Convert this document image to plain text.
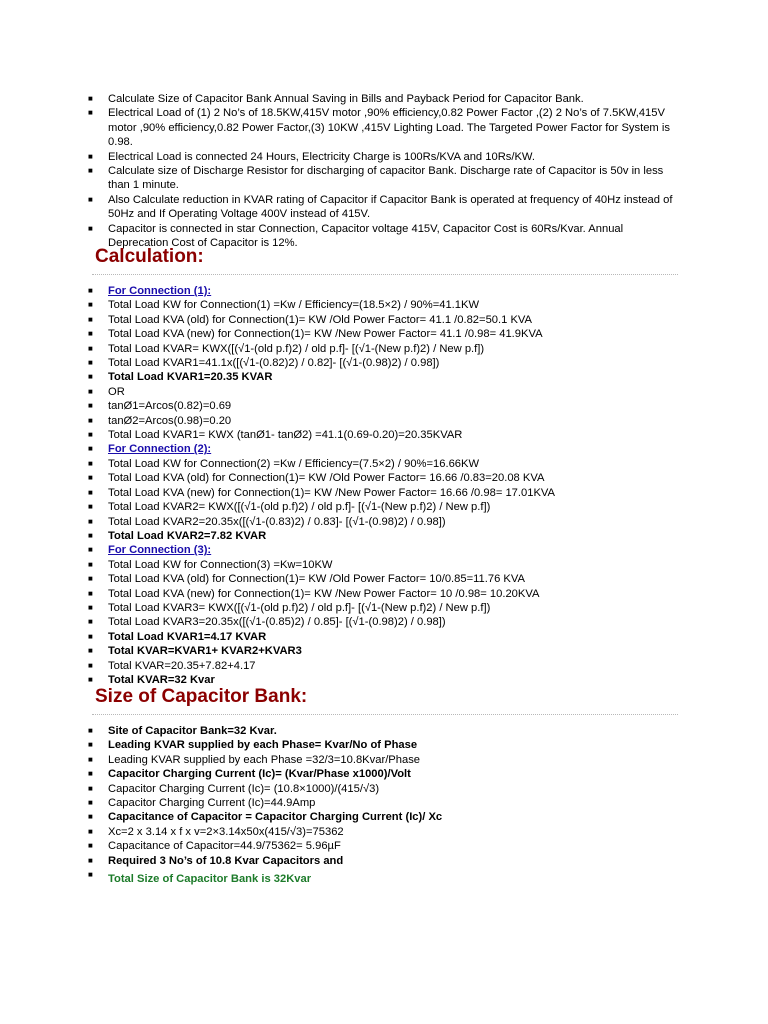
■ Calculate Size of Capacitor Bank Annual Saving in Bills and Payback Period for Capacitor Bank.
■ Electrical Load of (1) 2 No’s of 18.5KW,415V motor ,90% efficiency,0.82 Power Factor ,(2) 2 No’s of 7.5KW,415V motor ,90% efficiency,0.82 Power Factor,(3) 10KW ,415V Lighting Load. The Targeted Power Factor for System is 0.98.
■ Electrical Load is connected 24 Hours, Electricity Charge is 100Rs/KVA and 10Rs/KW.
■ Calculate size of Discharge Resistor for discharging of capacitor Bank. Discharge rate of Capacitor is 50v in less than 1 minute.
■ Also Calculate reduction in KVAR rating of Capacitor if Capacitor Bank is operated at frequency of 40Hz instead of 50Hz and If Operating Voltage 400V instead of 415V.
■ Capacitor is connected in star Connection, Capacitor voltage 415V, Capacitor Cost is 60Rs/Kvar. Annual Deprecation Cost of Capacitor is 12%.
Calculation:
■ For Connection (1):
■ Total Load KW for Connection(1) =Kw / Efficiency=(18.5×2) / 90%=41.1KW
■ Total Load KVA (old) for Connection(1)= KW /Old Power Factor= 41.1 /0.82=50.1 KVA
■ Total Load KVA (new) for Connection(1)= KW /New Power Factor= 41.1 /0.98= 41.9KVA
■ Total Load KVAR= KWX([(√1-(old p.f)2) / old p.f]- [(√1-(New p.f)2) / New p.f])
■ Total Load KVAR1=41.1x([(√1-(0.82)2) / 0.82]- [(√1-(0.98)2) / 0.98])
■ Total Load KVAR1=20.35 KVAR
■ OR
■ tanØ1=Arcos(0.82)=0.69
■ tanØ2=Arcos(0.98)=0.20
■ Total Load KVAR1= KWX (tanØ1- tanØ2) =41.1(0.69-0.20)=20.35KVAR
■ For Connection (2):
■ Total Load KW for Connection(2) =Kw / Efficiency=(7.5×2) / 90%=16.66KW
■ Total Load KVA (old) for Connection(1)= KW /Old Power Factor= 16.66 /0.83=20.08 KVA
■ Total Load KVA (new) for Connection(1)= KW /New Power Factor= 16.66 /0.98= 17.01KVA
■ Total Load KVAR2= KWX([(√1-(old p.f)2) / old p.f]- [(√1-(New p.f)2) / New p.f])
■ Total Load KVAR2=20.35x([(√1-(0.83)2) / 0.83]- [(√1-(0.98)2) / 0.98])
■ Total Load KVAR2=7.82 KVAR
■ For Connection (3):
■ Total Load KW for Connection(3) =Kw=10KW
■ Total Load KVA (old) for Connection(1)= KW /Old Power Factor= 10/0.85=11.76 KVA
■ Total Load KVA (new) for Connection(1)= KW /New Power Factor= 10 /0.98= 10.20KVA
■ Total Load KVAR3= KWX([(√1-(old p.f)2) / old p.f]- [(√1-(New p.f)2) / New p.f])
■ Total Load KVAR3=20.35x([(√1-(0.85)2) / 0.85]- [(√1-(0.98)2) / 0.98])
■ Total Load KVAR1=4.17 KVAR
■ Total KVAR=KVAR1+ KVAR2+KVAR3
■ Total KVAR=20.35+7.82+4.17
■ Total KVAR=32 Kvar
Size of Capacitor Bank:
■ Site of Capacitor Bank=32 Kvar.
■ Leading KVAR supplied by each Phase= Kvar/No of Phase
■ Leading KVAR supplied by each Phase =32/3=10.8Kvar/Phase
■ Capacitor Charging Current (Ic)= (Kvar/Phase x1000)/Volt
■ Capacitor Charging Current (Ic)= (10.8×1000)/(415/√3)
■ Capacitor Charging Current (Ic)=44.9Amp
■ Capacitance of Capacitor = Capacitor Charging Current (Ic)/ Xc
■ Xc=2 x 3.14 x f x v=2×3.14x50x(415/√3)=75362
■ Capacitance of Capacitor=44.9/75362= 5.96µF
■ Required 3 No’s of 10.8 Kvar Capacitors and
■ Total Size of Capacitor Bank is 32Kvar
